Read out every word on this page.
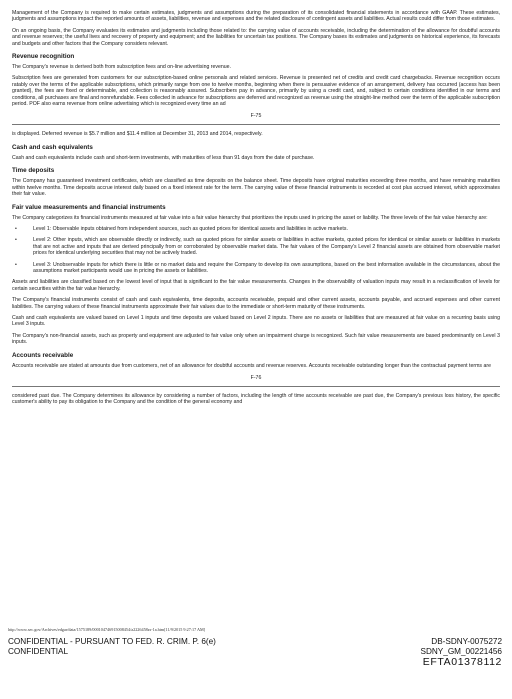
Management of the Company is required to make certain estimates, judgments and assumptions during the preparation of its consolidated financial statements in accordance with GAAP. These estimates, judgments and assumptions impact the reported amounts of assets, liabilities, revenue and expenses and the related disclosure of contingent assets and liabilities. Actual results could differ from those estimates.

On an ongoing basis, the Company evaluates its estimates and judgments including those related to: the carrying value of accounts receivable, including the determination of the allowance for doubtful accounts and revenue reserves; the useful lives and recovery of property and equipment; and the liabilities for uncertain tax positions. The Company bases its estimates and judgments on historical experience, its forecasts and budgets and other factors that the Company considers relevant.

Revenue recognition

The Company's revenue is derived both from subscription fees and on-line advertising revenue.

Subscription fees are generated from customers for our subscription-based online personals and related services. Revenue is presented net of credits and credit card chargebacks. Revenue recognition occurs ratably over the terms of the applicable subscriptions, which primarily range from one to twelve months, beginning when there is persuasive evidence of an arrangement, delivery has occurred (access has been granted), the fees are fixed or determinable, and collection is reasonably assured. Subscribers pay in advance, primarily by using a credit card, and, subject to certain conditions identified in our terms and conditions, all purchases are final and nonrefundable. Fees collected in advance for subscriptions are deferred and recognized as revenue using the straight-line method over the term of the applicable subscription period. POF also earns revenue from online advertising which is recognized every time an ad

F-75

is displayed. Deferred revenue is $5.7 million and $11.4 million at December 31, 2013 and 2014, respectively.

Cash and cash equivalents

Cash and cash equivalents include cash and short-term investments, with maturities of less than 91 days from the date of purchase.

Time deposits

The Company has guaranteed investment certificates, which are classified as time deposits on the balance sheet. Time deposits have original maturities exceeding three months, and have remaining maturities within twelve months. Time deposits accrue interest daily based on a fixed interest rate for the term. The carrying value of these financial instruments is recorded at cost plus accrued interest, which approximates their fair value.

Fair value measurements and financial instruments

The Company categorizes its financial instruments measured at fair value into a fair value hierarchy that prioritizes the inputs used in pricing the asset or liability. The three levels of the fair value hierarchy are:

•	Level 1: Observable inputs obtained from independent sources, such as quoted prices for identical assets and liabilities in active markets.
•	Level 2: Other inputs, which are observable directly or indirectly, such as quoted prices for similar assets or liabilities in active markets, quoted prices for identical or similar assets or liabilities in markets that are not active and inputs that are derived principally from or corroborated by observable market data. The fair values of the Company's Level 2 financial assets are obtained from observable market prices for identical underlying securities that may not be actively traded.
•	Level 3: Unobservable inputs for which there is little or no market data and require the Company to develop its own assumptions, based on the best information available in the circumstances, about the assumptions market participants would use in pricing the assets or liabilities.

Assets and liabilities are classified based on the lowest level of input that is significant to the fair value measurements. Changes in the observability of valuation inputs may result in a reclassification of levels for certain securities within the fair value hierarchy.

The Company's financial instruments consist of cash and cash equivalents, time deposits, accounts receivable, prepaid and other current assets, accounts payable, and accrued expenses and other current liabilities. The carrying values of these financial instruments approximate their fair values due to the immediate or short-term maturity of these instruments.

Cash and cash equivalents are valued based on Level 1 inputs and time deposits are valued based on Level 2 inputs. There are no assets or liabilities that are measured at fair value on a recurring basis using Level 3 inputs.

The Company's non-financial assets, such as property and equipment are adjusted to fair value only when an impairment charge is recognized. Such fair value measurements are based predominantly on Level 3 inputs.

Accounts receivable

Accounts receivable are stated at amounts due from customers, net of an allowance for doubtful accounts and revenue reserves. Accounts receivable outstanding longer than the contractual payment terms are

F-76

considered past due. The Company determines its allowance by considering a number of factors, including the length of time accounts receivable are past due, the Company's previous loss history, the specific customer's ability to pay its obligation to the Company and the condition of the general economy and

http://www.sec.gov/Archives/edgar/data/1575189/000104746915008454/a2226458zs-1a.htm[11/9/2015 9:27:17 AM]
CONFIDENTIAL - PURSUANT TO FED. R. CRIM. P. 6(e)
CONFIDENTIAL
DB-SDNY-0075272
SDNY_GM_00221456
EFTA01378112
